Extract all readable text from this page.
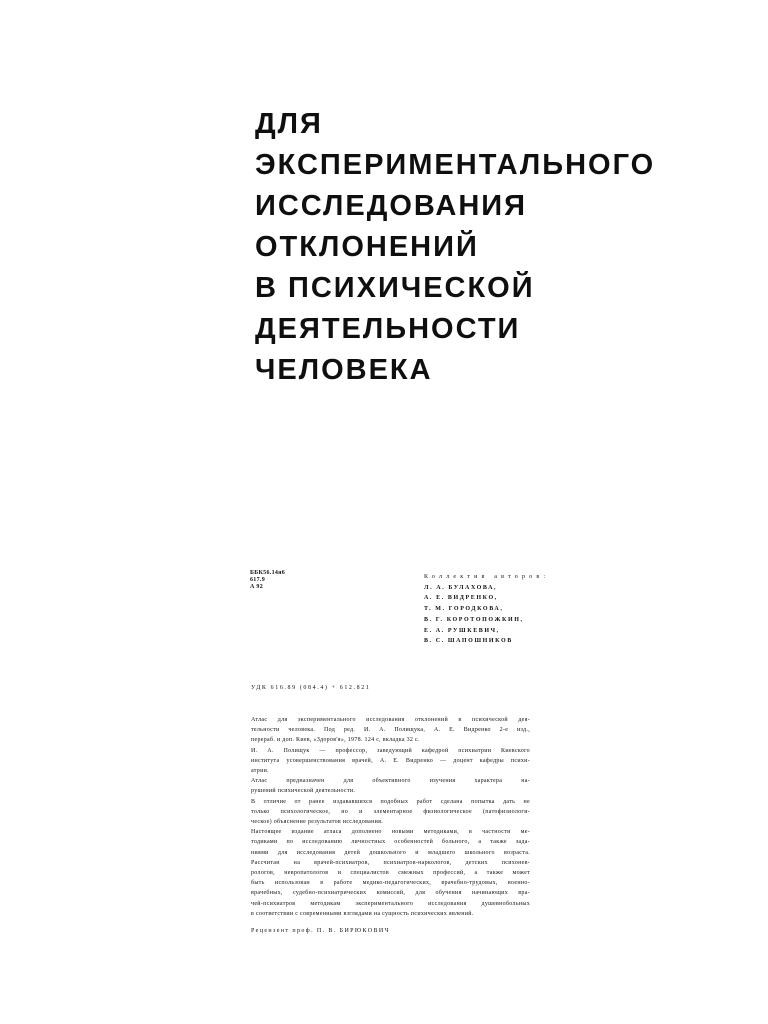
ДЛЯ
ЭКСПЕРИМЕНТАЛЬНОГО
ИССЛЕДОВАНИЯ
ОТКЛОНЕНИЙ
В ПСИХИЧЕСКОЙ
ДЕЯТЕЛЬНОСТИ
ЧЕЛОВЕКА
ББК56.14я6
617.9
А 92
Коллектив авторов:
Л. А. БУЛАХОВА,
А. Е. ВИДРЕНКО,
Т. М. ГОРОДКОВА,
В. Г. КОРОТОПОЖКИН,
Е. А. РУШКЕВИЧ,
В. С. ШАПОШНИКОВ
УДК 616.89 (084.4) + 612.821

Атлас для экспериментального исследования отклонений в психической дея-

тельности человека. Под ред. И. А. Полищука, А. Е. Видренко 2-е изд.,

перераб. и доп. Киев, «Здоров'я», 1978. 124 с, вкладка 32 с.

И. А. Полищук — профессор, заведующий кафедрой психиатрии Киевского

института усовершенствования врачей, А. Е. Видренко — доцент кафедры психи-

атрии.

Атлас предназначен для объективного изучения характера на-

рушений психической деятельности.

В отличие от ранее издававшихся подобных работ сделана попытка дать не

только психологическое, но и элементарное физиологическое (патофизиологи-

ческое) объяснение результатов исследования.

Настоящее издание атласа дополнено новыми методиками, в частности ме-

тодиками по исследованию личностных особенностей больного, а также зада-

ниями для исследования детей дошкольного и младшего школьного возраста.

Рассчитан на врачей-психиатров, психиатров-наркологов, детских психонев-

рологов, невропатологов и специалистов смежных профессий, а также может

быть использован в работе медико-педагогических, врачебно-трудовых, военно-

врачебных, судебно-психиатрических комиссий, для обучения начинающих вра-

чей-психиатров методикам экспериментального исследования душевнобольных

в соответствии с современными взглядами на сущность психических явлений.

Рецензент проф. П. В. БИРЮКОВИЧ
